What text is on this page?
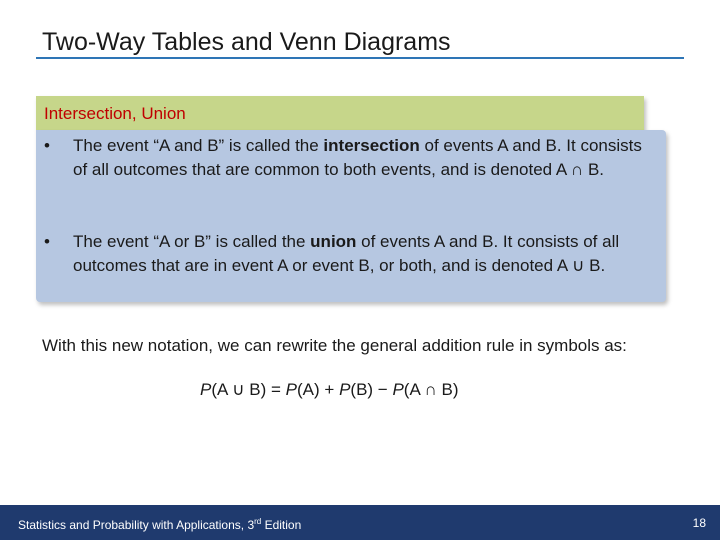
Two-Way Tables and Venn Diagrams
Intersection, Union
•	The event “A and B” is called the intersection of events A and B. It consists of all outcomes that are common to both events, and is denoted A ∩ B.
•	The event “A or B” is called the union of events A and B. It consists of all outcomes that are in event A or event B, or both, and is denoted A ∪ B.
With this new notation, we can rewrite the general addition rule in symbols as:
P(A ∪ B) = P(A) + P(B) − P(A ∩ B)
Statistics and Probability with Applications, 3rd Edition	18
